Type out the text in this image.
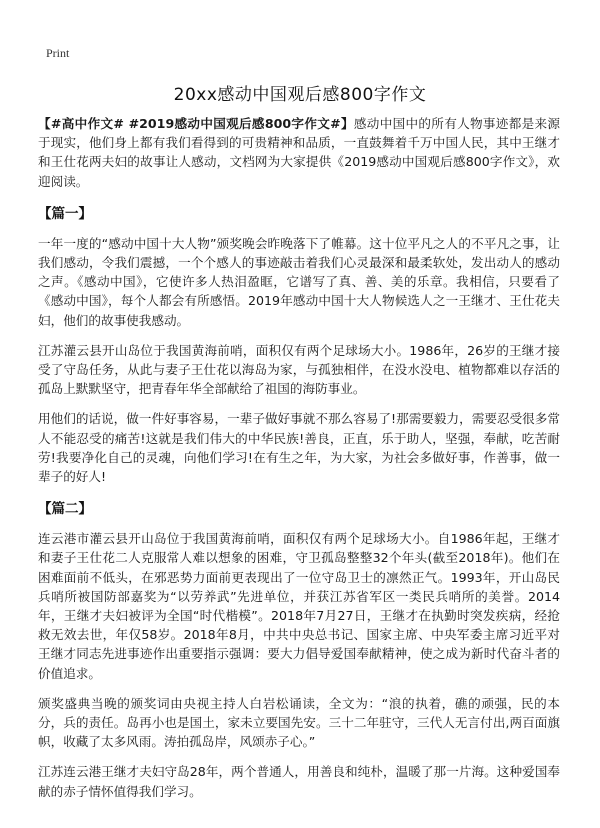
Print
20xx感动中国观后感800字作文

【#高中作文# #2019感动中国观后感800字作文#】感动中国中的所有人物事迹都是来源于现实，他们身上都有我们看得到的可贵精神和品质，一直鼓舞着千万中国人民，其中王继才和王仕花两夫妇的故事让人感动，文档网为大家提供《2019感动中国观后感800字作文》，欢迎阅读。

【篇一】

一年一度的“感动中国十大人物”颁奖晚会昨晚落下了帷幕。这十位平凡之人的不平凡之事，让我们感动，令我们震撼，一个个感人的事迹敲击着我们心灵最深和最柔软处，发出动人的感动之声。《感动中国》，它使许多人热泪盈眶，它谱写了真、善、美的乐章。我相信，只要看了《感动中国》，每个人都会有所感悟。2019年感动中国十大人物候选人之一王继才、王仕花夫妇，他们的故事使我感动。

江苏灌云县开山岛位于我国黄海前哨，面积仅有两个足球场大小。1986年，26岁的王继才接受了守岛任务，从此与妻子王仕花以海岛为家，与孤独相伴，在没水没电、植物都难以存活的孤岛上默默坚守，把青春年华全部献给了祖国的海防事业。

用他们的话说，做一件好事容易，一辈子做好事就不那么容易了!那需要毅力，需要忍受很多常人不能忍受的痛苦!这就是我们伟大的中华民族!善良，正直，乐于助人，坚强，奉献，吃苦耐劳!我要净化自己的灵魂，向他们学习!在有生之年，为大家，为社会多做好事，作善事，做一辈子的好人!

【篇二】

连云港市灌云县开山岛位于我国黄海前哨，面积仅有两个足球场大小。自1986年起，王继才和妻子王仕花二人克服常人难以想象的困难，守卫孤岛整整32个年头(截至2018年)。他们在困难面前不低头，在邪恶势力面前更表现出了一位守岛卫士的凛然正气。1993年，开山岛民兵哨所被国防部嘉奖为“以劳养武”先进单位，并获江苏省军区一类民兵哨所的美誉。2014年，王继才夫妇被评为全国“时代楷模”。2018年7月27日，王继才在执勤时突发疾病，经抢救无效去世，年仅58岁。2018年8月，中共中央总书记、国家主席、中央军委主席习近平对王继才同志先进事迹作出重要指示强调：要大力倡导爱国奉献精神，使之成为新时代奋斗者的价值追求。

颁奖盛典当晚的颁奖词由央视主持人白岩松诵读，全文为：“浪的执着，礁的顽强，民的本分，兵的责任。岛再小也是国土，家未立要国先安。三十二年驻守，三代人无言付出,两百面旗帜，收藏了太多风雨。涛拍孤岛岸，风颂赤子心。”

江苏连云港王继才夫妇守岛28年，两个普通人，用善良和纯朴，温暖了那一片海。这种爱国奉献的赤子情怀值得我们学习。
